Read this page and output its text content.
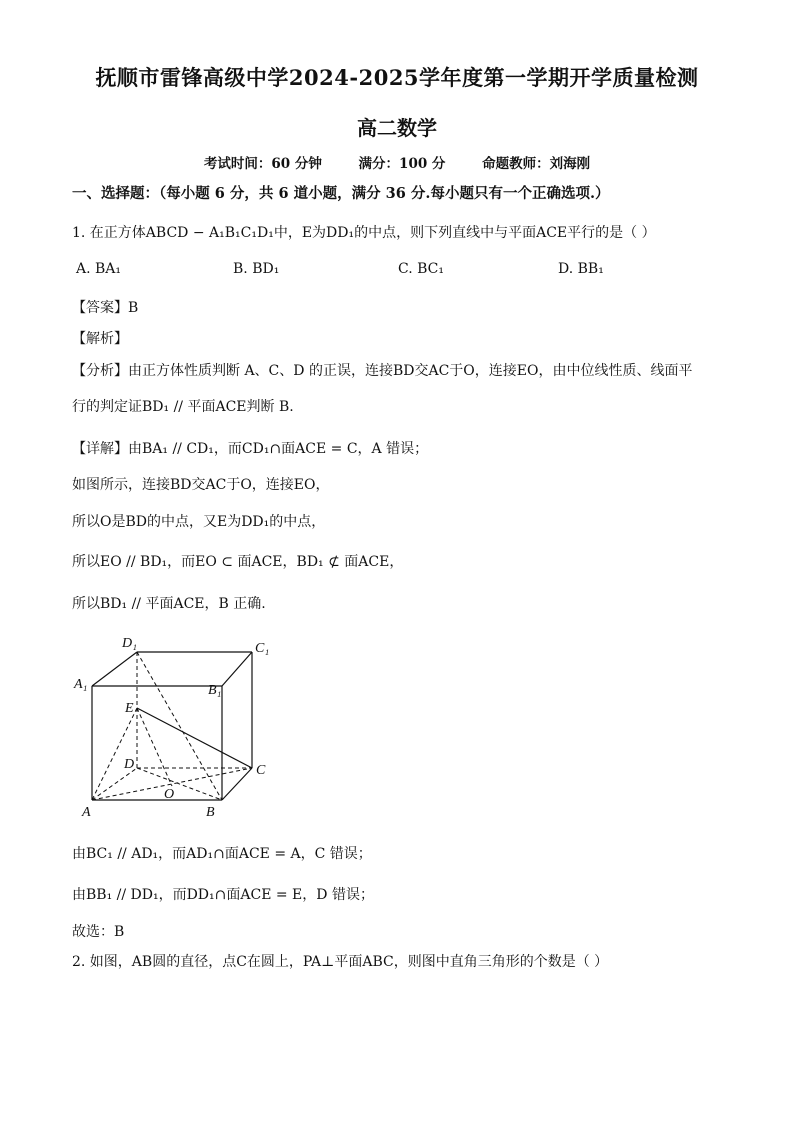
抚顺市雷锋高级中学2024-2025学年度第一学期开学质量检测
高二数学
考试时间：60 分钟	满分：100 分	命题教师：刘海刚
一、选择题：（每小题 6 分，共 6 道小题，满分 36 分.每小题只有一个正确选项.）
1. 在正方体ABCD − A₁B₁C₁D₁中，E为DD₁的中点，则下列直线中与平面ACE平行的是（ ）
A. BA₁	B. BD₁	C. BC₁	D. BB₁
【答案】B
【解析】
【分析】由正方体性质判断 A、C、D 的正误，连接BD交AC于O，连接EO，由中位线性质、线面平
行的判定证BD₁ // 平面ACE判断 B.
【详解】由BA₁ // CD₁，而CD₁∩面ACE = C，A 错误；
如图所示，连接BD交AC于O，连接EO，
所以O是BD的中点，又E为DD₁的中点，
所以EO // BD₁，而EO ⊂ 面ACE，BD₁ ⊄ 面ACE，
所以BD₁ // 平面ACE，B 正确.
D₁	C₁
A₁	B₁
E
D	C
O
A	B
由BC₁ // AD₁，而AD₁∩面ACE = A，C 错误；
由BB₁ // DD₁，而DD₁∩面ACE = E，D 错误；
故选：B
2. 如图，AB圆的直径，点C在圆上，PA⊥平面ABC，则图中直角三角形的个数是（ ）
